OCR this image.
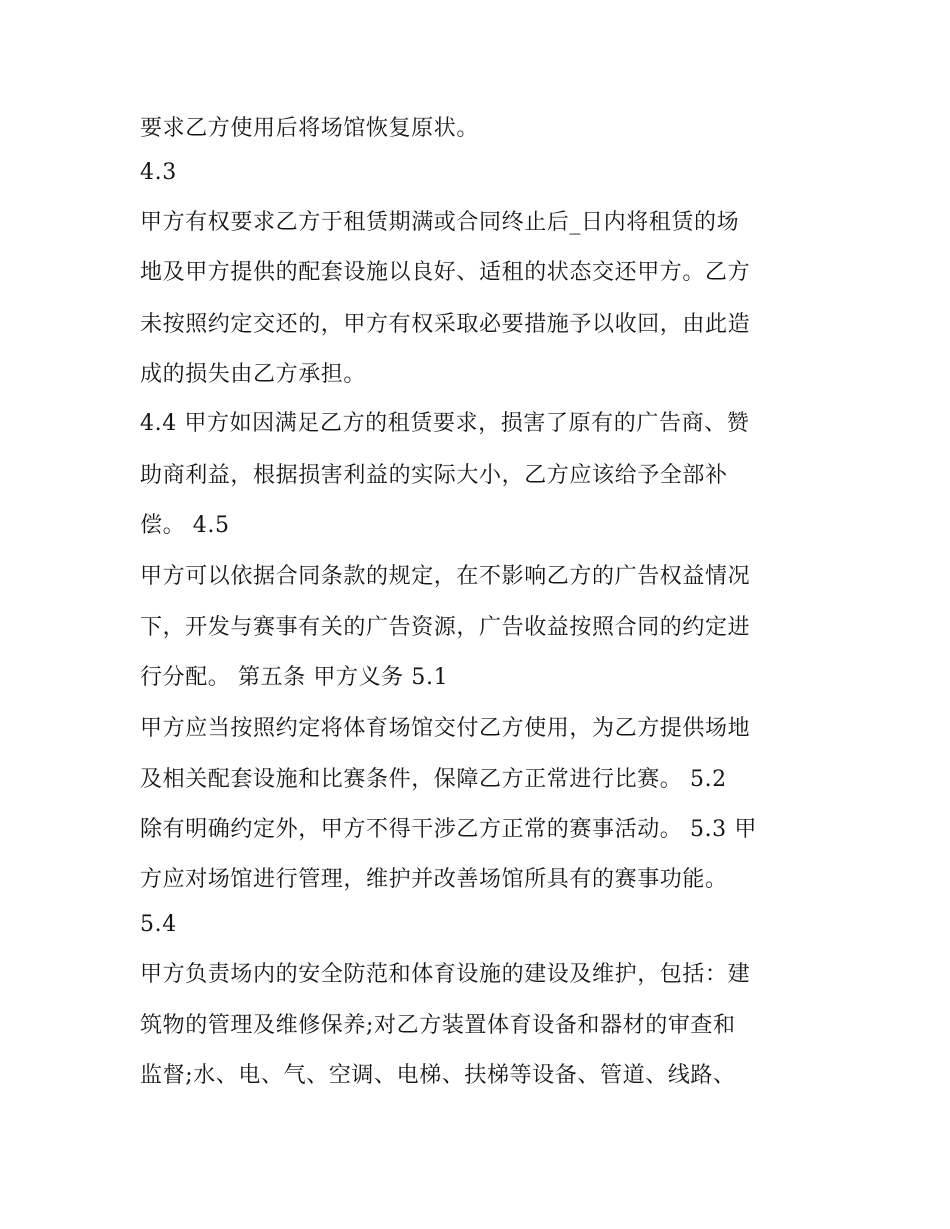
要求乙方使用后将场馆恢复原状。
4.3
甲方有权要求乙方于租赁期满或合同终止后_日内将租赁的场
地及甲方提供的配套设施以良好、适租的状态交还甲方。乙方
未按照约定交还的，甲方有权采取必要措施予以收回，由此造
成的损失由乙方承担。
4.4 甲方如因满足乙方的租赁要求，损害了原有的广告商、赞
助商利益，根据损害利益的实际大小，乙方应该给予全部补
偿。 4.5
甲方可以依据合同条款的规定，在不影响乙方的广告权益情况
下，开发与赛事有关的广告资源，广告收益按照合同的约定进
行分配。 第五条 甲方义务 5.1
甲方应当按照约定将体育场馆交付乙方使用，为乙方提供场地
及相关配套设施和比赛条件，保障乙方正常进行比赛。 5.2
除有明确约定外，甲方不得干涉乙方正常的赛事活动。 5.3 甲
方应对场馆进行管理，维护并改善场馆所具有的赛事功能。
5.4
甲方负责场内的安全防范和体育设施的建设及维护，包括：建
筑物的管理及维修保养;对乙方装置体育设备和器材的审查和
监督;水、电、气、空调、电梯、扶梯等设备、管道、线路、
